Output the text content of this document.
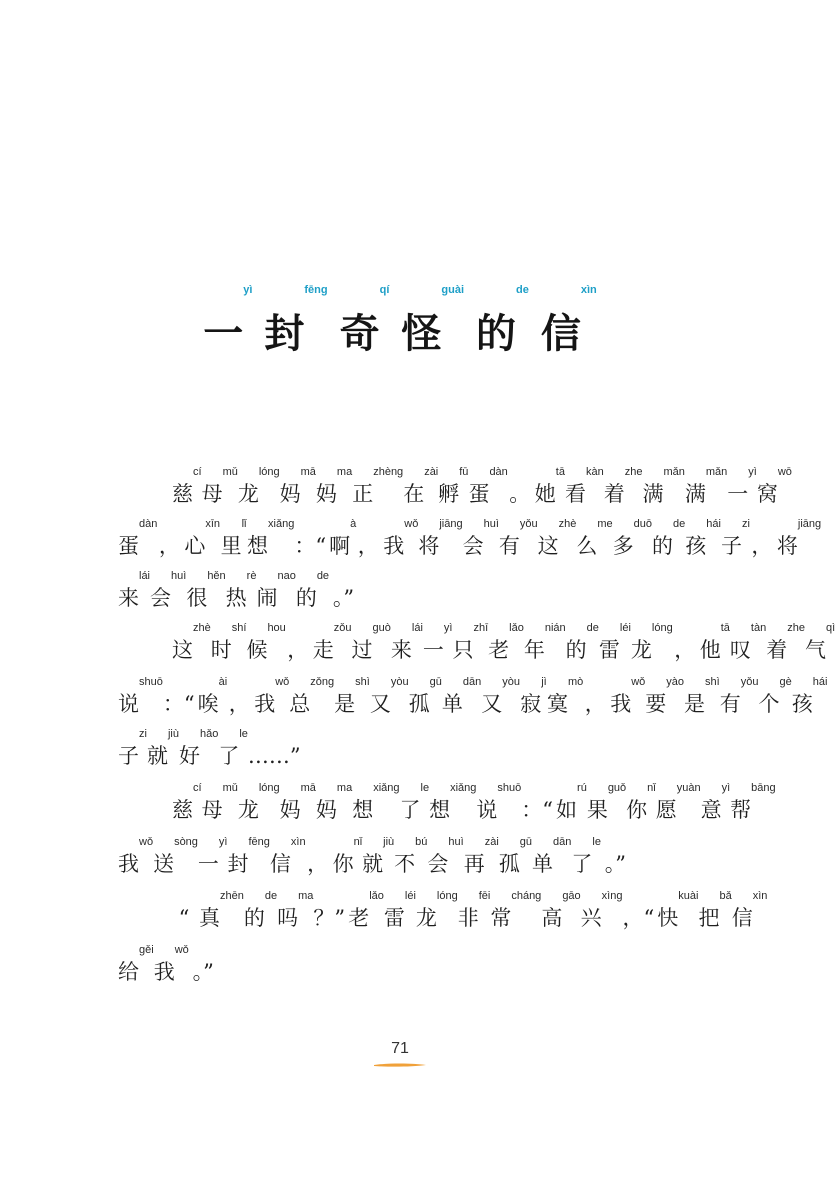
一yì封fēng奇qí怪guài的de信xìn
慈cí母mǔ龙lóng妈mā妈ma正zhèng在zài孵fū蛋dàn。 她tā看kàn着zhe满mǎn满mǎn一yì窝wō
蛋dàn， 心xīn里lǐ想xiǎng：“ 啊à， 我wǒ将jiāng会huì有yǒu这zhè么me多duō的de孩hái子zi， 将jiāng
来lái会huì很hěn热rè闹nao的de。”
这zhè时shí候hou， 走zǒu过guò来lái一yì只zhī老lǎo年nián的de雷léi龙lóng， 他tā叹tàn着zhe气qì
说shuō：“ 唉ài， 我wǒ总zǒng是shì又yòu孤gū单dān又yòu寂jì寞mò， 我wǒ要yào是shì有yǒu个gè孩hái
子zi就jiù好hǎo了le……”
慈cí母mǔ龙lóng妈mā妈ma想xiǎng了le想xiǎng说shuō：“ 如rú果guǒ你nǐ愿yuàn意yì帮bāng
我wǒ送sòng一yì封fēng信xìn， 你nǐ就jiù不bú会huì再zài孤gū单dān了le。”
“ 真zhēn的de吗ma？” 老lǎo雷léi龙lóng非fēi常cháng高gāo兴xìng，“ 快kuài把bǎ信xìn
给gěi我wǒ。”
71
